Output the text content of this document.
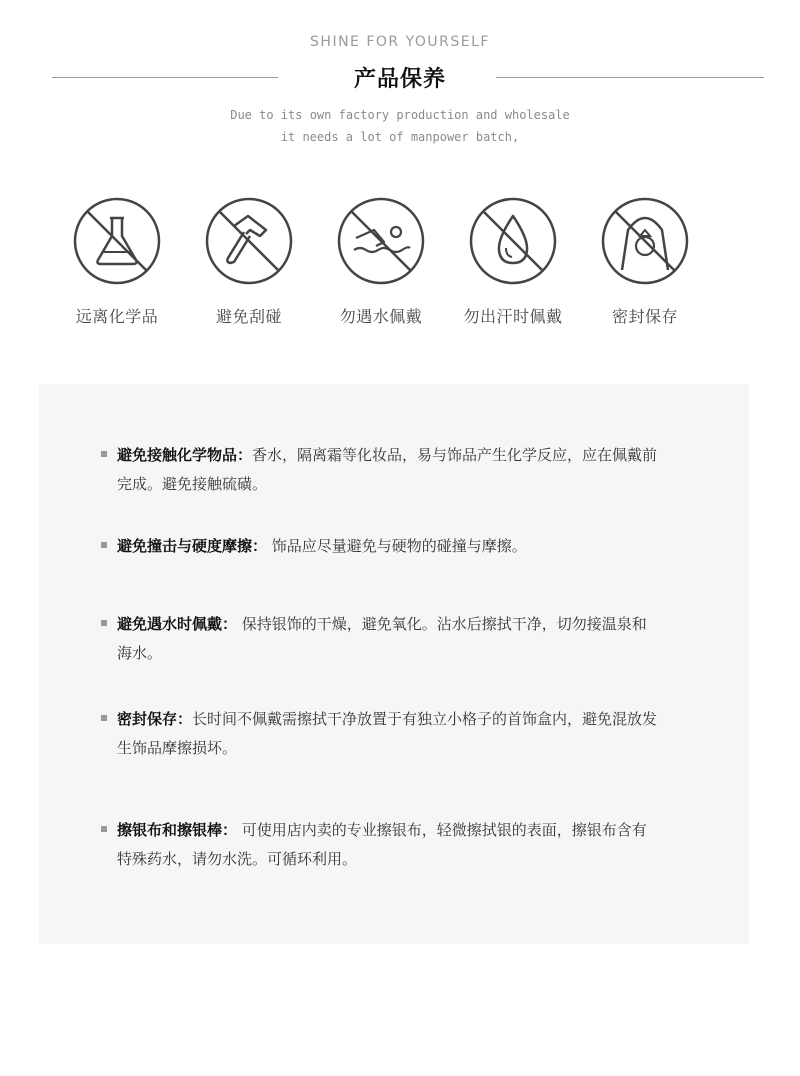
SHINE FOR YOURSELF
产品保养
Due to its own factory production and wholesale
it needs a lot of manpower batch,
远离化学品	避免刮碰	勿遇水佩戴	勿出汗时佩戴	密封保存
避免接触化学物品：香水，隔离霜等化妆品，易与饰品产生化学反应，应在佩戴前完成。避免接触硫磺。
避免撞击与硬度摩擦： 饰品应尽量避免与硬物的碰撞与摩擦。
避免遇水时佩戴： 保持银饰的干燥，避免氧化。沾水后擦拭干净，切勿接温泉和海水。
密封保存：长时间不佩戴需擦拭干净放置于有独立小格子的首饰盒内，避免混放发生饰品摩擦损坏。
擦银布和擦银棒： 可使用店内卖的专业擦银布，轻微擦拭银的表面，擦银布含有特殊药水，请勿水洗。可循环利用。
